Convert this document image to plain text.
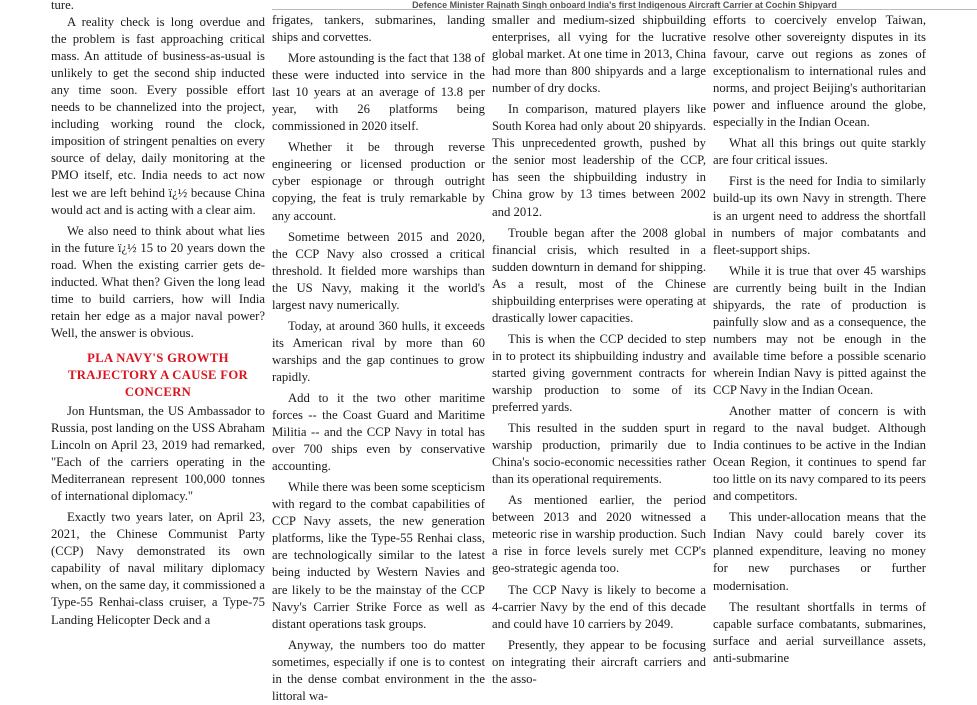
Defence Minister Rajnath Singh onboard India's first Indigenous Aircraft Carrier at Cochin Shipyard

ture.

A reality check is long overdue and the problem is fast approaching critical mass. An attitude of business-as-usual is unlikely to get the second ship inducted any time soon. Every possible effort needs to be channelized into the project, including working round the clock, imposition of stringent penalties on every source of delay, daily monitoring at the PMO itself, etc. India needs to act now lest we are left behind ï¿½ because China would act and is acting with a clear aim.

We also need to think about what lies in the future ï¿½ 15 to 20 years down the road. When the existing carrier gets de-inducted. What then? Given the long lead time to build carriers, how will India retain her edge as a major naval power? Well, the answer is obvious.

PLA NAVY'S GROWTH TRAJECTORY A CAUSE FOR CONCERN

Jon Huntsman, the US Ambassador to Russia, post landing on the USS Abraham Lincoln on April 23, 2019 had remarked, "Each of the carriers operating in the Mediterranean represent 100,000 tonnes of international diplomacy."

Exactly two years later, on April 23, 2021, the Chinese Communist Party (CCP) Navy demonstrated its own capability of naval military diplomacy when, on the same day, it commissioned a Type-55 Renhai-class cruiser, a Type-75 Landing Helicopter Deck and a

frigates, tankers, submarines, landing ships and corvettes.

More astounding is the fact that 138 of these were inducted into service in the last 10 years at an average of 13.8 per year, with 26 platforms being commissioned in 2020 itself.

Whether it be through reverse engineering or licensed production or cyber espionage or through outright copying, the feat is truly remarkable by any account.

Sometime between 2015 and 2020, the CCP Navy also crossed a critical threshold. It fielded more warships than the US Navy, making it the world's largest navy numerically.

Today, at around 360 hulls, it exceeds its American rival by more than 60 warships and the gap continues to grow rapidly.

Add to it the two other maritime forces -- the Coast Guard and Maritime Militia -- and the CCP Navy in total has over 700 ships even by conservative accounting.

While there was been some scepticism with regard to the combat capabilities of CCP Navy assets, the new generation platforms, like the Type-55 Renhai class, are technologically similar to the latest being inducted by Western Navies and are likely to be the mainstay of the CCP Navy's Carrier Strike Force as well as distant operations task groups.

Anyway, the numbers too do matter sometimes, especially if one is to contest in the dense combat environment in the littoral wa-

smaller and medium-sized shipbuilding enterprises, all vying for the lucrative global market. At one time in 2013, China had more than 800 shipyards and a large number of dry docks.

In comparison, matured players like South Korea had only about 20 shipyards. This unprecedented growth, pushed by the senior most leadership of the CCP, has seen the shipbuilding industry in China grow by 13 times between 2002 and 2012.

Trouble began after the 2008 global financial crisis, which resulted in a sudden downturn in demand for shipping. As a result, most of the Chinese shipbuilding enterprises were operating at drastically lower capacities.

This is when the CCP decided to step in to protect its shipbuilding industry and started giving government contracts for warship production to some of its preferred yards.

This resulted in the sudden spurt in warship production, primarily due to China's socio-economic necessities rather than its operational requirements.

As mentioned earlier, the period between 2013 and 2020 witnessed a meteoric rise in warship production. Such a rise in force levels surely met CCP's geo-strategic agenda too.

The CCP Navy is likely to become a 4-carrier Navy by the end of this decade and could have 10 carriers by 2049.

Presently, they appear to be focusing on integrating their aircraft carriers and the asso-

efforts to coercively envelop Taiwan, resolve other sovereignty disputes in its favour, carve out regions as zones of exceptionalism to international rules and norms, and project Beijing's authoritarian power and influence around the globe, especially in the Indian Ocean.

What all this brings out quite starkly are four critical issues.

First is the need for India to similarly build-up its own Navy in strength. There is an urgent need to address the shortfall in numbers of major combatants and fleet-support ships.

While it is true that over 45 warships are currently being built in the Indian shipyards, the rate of production is painfully slow and as a consequence, the numbers may not be enough in the available time before a possible scenario wherein Indian Navy is pitted against the CCP Navy in the Indian Ocean.

Another matter of concern is with regard to the naval budget. Although India continues to be active in the Indian Ocean Region, it continues to spend far too little on its navy compared to its peers and competitors.

This under-allocation means that the Indian Navy could barely cover its planned expenditure, leaving no money for new purchases or further modernisation.

The resultant shortfalls in terms of capable surface combatants, submarines, surface and aerial surveillance assets, anti-submarine
